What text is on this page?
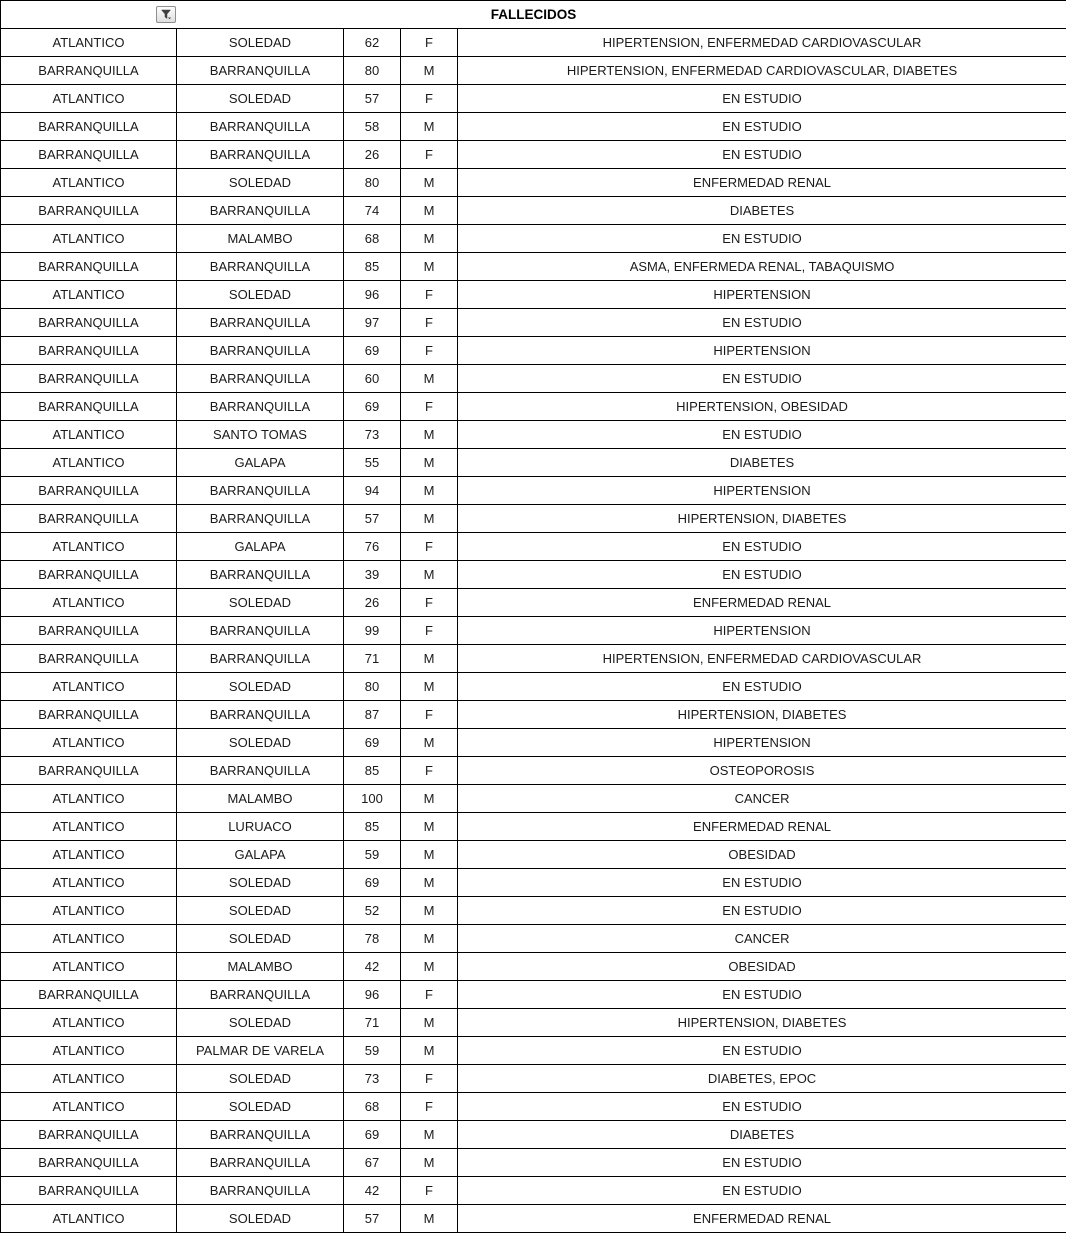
FALLECIDOS				
ATLANTICO	SOLEDAD	62	F	HIPERTENSION, ENFERMEDAD CARDIOVASCULAR
BARRANQUILLA	BARRANQUILLA	80	M	HIPERTENSION, ENFERMEDAD CARDIOVASCULAR, DIABETES
ATLANTICO	SOLEDAD	57	F	EN ESTUDIO
BARRANQUILLA	BARRANQUILLA	58	M	EN ESTUDIO
BARRANQUILLA	BARRANQUILLA	26	F	EN ESTUDIO
ATLANTICO	SOLEDAD	80	M	ENFERMEDAD RENAL
BARRANQUILLA	BARRANQUILLA	74	M	DIABETES
ATLANTICO	MALAMBO	68	M	EN ESTUDIO
BARRANQUILLA	BARRANQUILLA	85	M	ASMA, ENFERMEDA RENAL, TABAQUISMO
ATLANTICO	SOLEDAD	96	F	HIPERTENSION
BARRANQUILLA	BARRANQUILLA	97	F	EN ESTUDIO
BARRANQUILLA	BARRANQUILLA	69	F	HIPERTENSION
BARRANQUILLA	BARRANQUILLA	60	M	EN ESTUDIO
BARRANQUILLA	BARRANQUILLA	69	F	HIPERTENSION, OBESIDAD
ATLANTICO	SANTO TOMAS	73	M	EN ESTUDIO
ATLANTICO	GALAPA	55	M	DIABETES
BARRANQUILLA	BARRANQUILLA	94	M	HIPERTENSION
BARRANQUILLA	BARRANQUILLA	57	M	HIPERTENSION, DIABETES
ATLANTICO	GALAPA	76	F	EN ESTUDIO
BARRANQUILLA	BARRANQUILLA	39	M	EN ESTUDIO
ATLANTICO	SOLEDAD	26	F	ENFERMEDAD RENAL
BARRANQUILLA	BARRANQUILLA	99	F	HIPERTENSION
BARRANQUILLA	BARRANQUILLA	71	M	HIPERTENSION, ENFERMEDAD CARDIOVASCULAR
ATLANTICO	SOLEDAD	80	M	EN ESTUDIO
BARRANQUILLA	BARRANQUILLA	87	F	HIPERTENSION, DIABETES
ATLANTICO	SOLEDAD	69	M	HIPERTENSION
BARRANQUILLA	BARRANQUILLA	85	F	OSTEOPOROSIS
ATLANTICO	MALAMBO	100	M	CANCER
ATLANTICO	LURUACO	85	M	ENFERMEDAD RENAL
ATLANTICO	GALAPA	59	M	OBESIDAD
ATLANTICO	SOLEDAD	69	M	EN ESTUDIO
ATLANTICO	SOLEDAD	52	M	EN ESTUDIO
ATLANTICO	SOLEDAD	78	M	CANCER
ATLANTICO	MALAMBO	42	M	OBESIDAD
BARRANQUILLA	BARRANQUILLA	96	F	EN ESTUDIO
ATLANTICO	SOLEDAD	71	M	HIPERTENSION, DIABETES
ATLANTICO	PALMAR DE VARELA	59	M	EN ESTUDIO
ATLANTICO	SOLEDAD	73	F	DIABETES, EPOC
ATLANTICO	SOLEDAD	68	F	EN ESTUDIO
BARRANQUILLA	BARRANQUILLA	69	M	DIABETES
BARRANQUILLA	BARRANQUILLA	67	M	EN ESTUDIO
BARRANQUILLA	BARRANQUILLA	42	F	EN ESTUDIO
ATLANTICO	SOLEDAD	57	M	ENFERMEDAD RENAL
